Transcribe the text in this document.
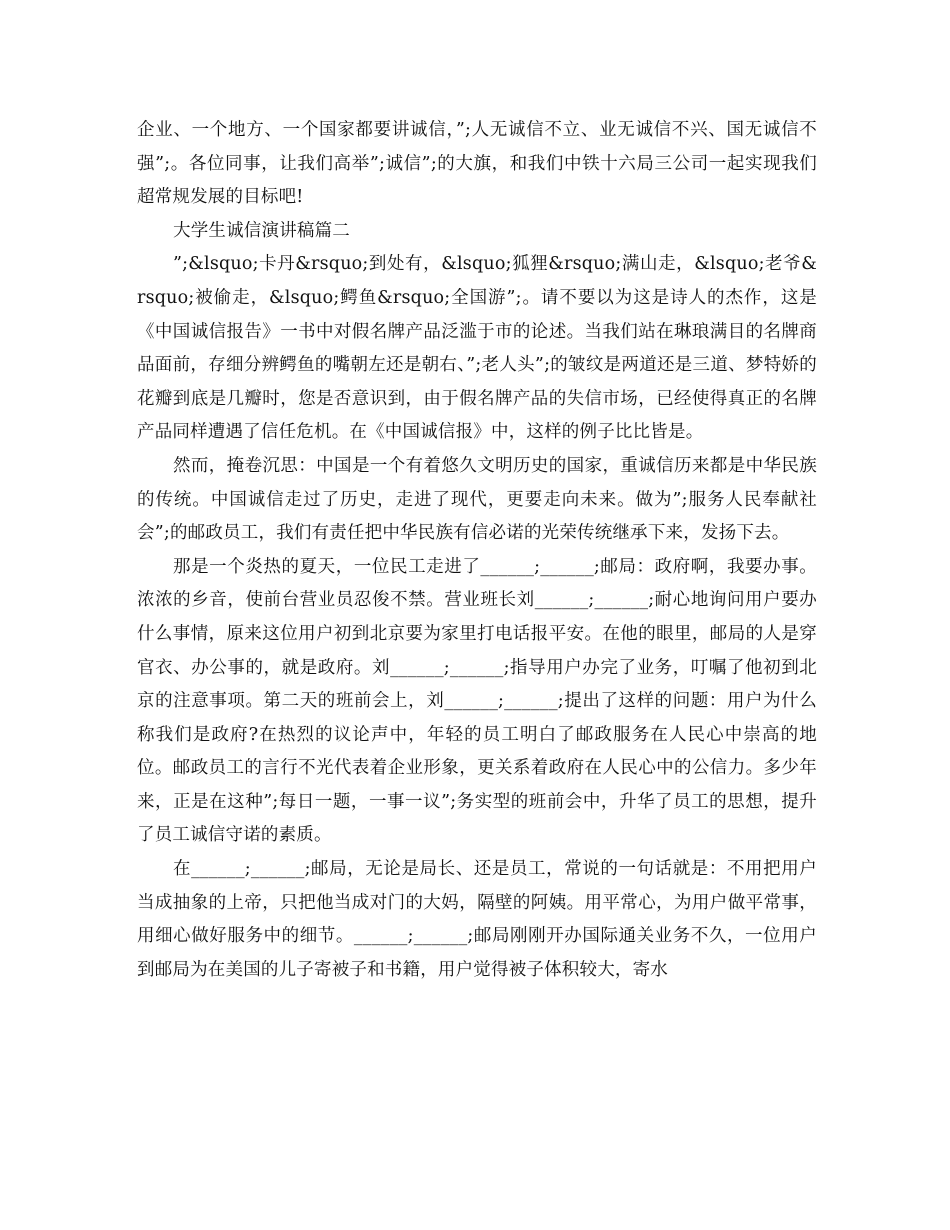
企业、一个地方、一个国家都要讲诚信，”;人无诚信不立、业无诚信不兴、国无诚信不强”;。各位同事，让我们高举”;诚信”;的大旗，和我们中铁十六局三公司一起实现我们超常规发展的目标吧!

大学生诚信演讲稿篇二

”;&lsquo;卡丹&rsquo;到处有，&lsquo;狐狸&rsquo;满山走，&lsquo;老爷&rsquo;被偷走，&lsquo;鳄鱼&rsquo;全国游”;。请不要以为这是诗人的杰作，这是《中国诚信报告》一书中对假名牌产品泛滥于市的论述。当我们站在琳琅满目的名牌商品面前，存细分辨鳄鱼的嘴朝左还是朝右、”;老人头”;的皱纹是两道还是三道、梦特娇的花瓣到底是几瓣时，您是否意识到，由于假名牌产品的失信市场，已经使得真正的名牌产品同样遭遇了信任危机。在《中国诚信报》中，这样的例子比比皆是。

然而，掩卷沉思：中国是一个有着悠久文明历史的国家，重诚信历来都是中华民族的传统。中国诚信走过了历史，走进了现代，更要走向未来。做为”;服务人民奉献社会”;的邮政员工，我们有责任把中华民族有信必诺的光荣传统继承下来，发扬下去。

那是一个炎热的夏天，一位民工走进了______;______;邮局：政府啊，我要办事。浓浓的乡音，使前台营业员忍俊不禁。营业班长刘______;______;耐心地询问用户要办什么事情，原来这位用户初到北京要为家里打电话报平安。在他的眼里，邮局的人是穿官衣、办公事的，就是政府。刘______;______;指导用户办完了业务，叮嘱了他初到北京的注意事项。第二天的班前会上，刘______;______;提出了这样的问题：用户为什么称我们是政府?在热烈的议论声中，年轻的员工明白了邮政服务在人民心中崇高的地位。邮政员工的言行不光代表着企业形象，更关系着政府在人民心中的公信力。多少年来，正是在这种”;每日一题，一事一议”;务实型的班前会中，升华了员工的思想，提升了员工诚信守诺的素质。

在______;______;邮局，无论是局长、还是员工，常说的一句话就是：不用把用户当成抽象的上帝，只把他当成对门的大妈，隔壁的阿姨。用平常心，为用户做平常事，用细心做好服务中的细节。______;______;邮局刚刚开办国际通关业务不久，一位用户到邮局为在美国的儿子寄被子和书籍，用户觉得被子体积较大，寄水
